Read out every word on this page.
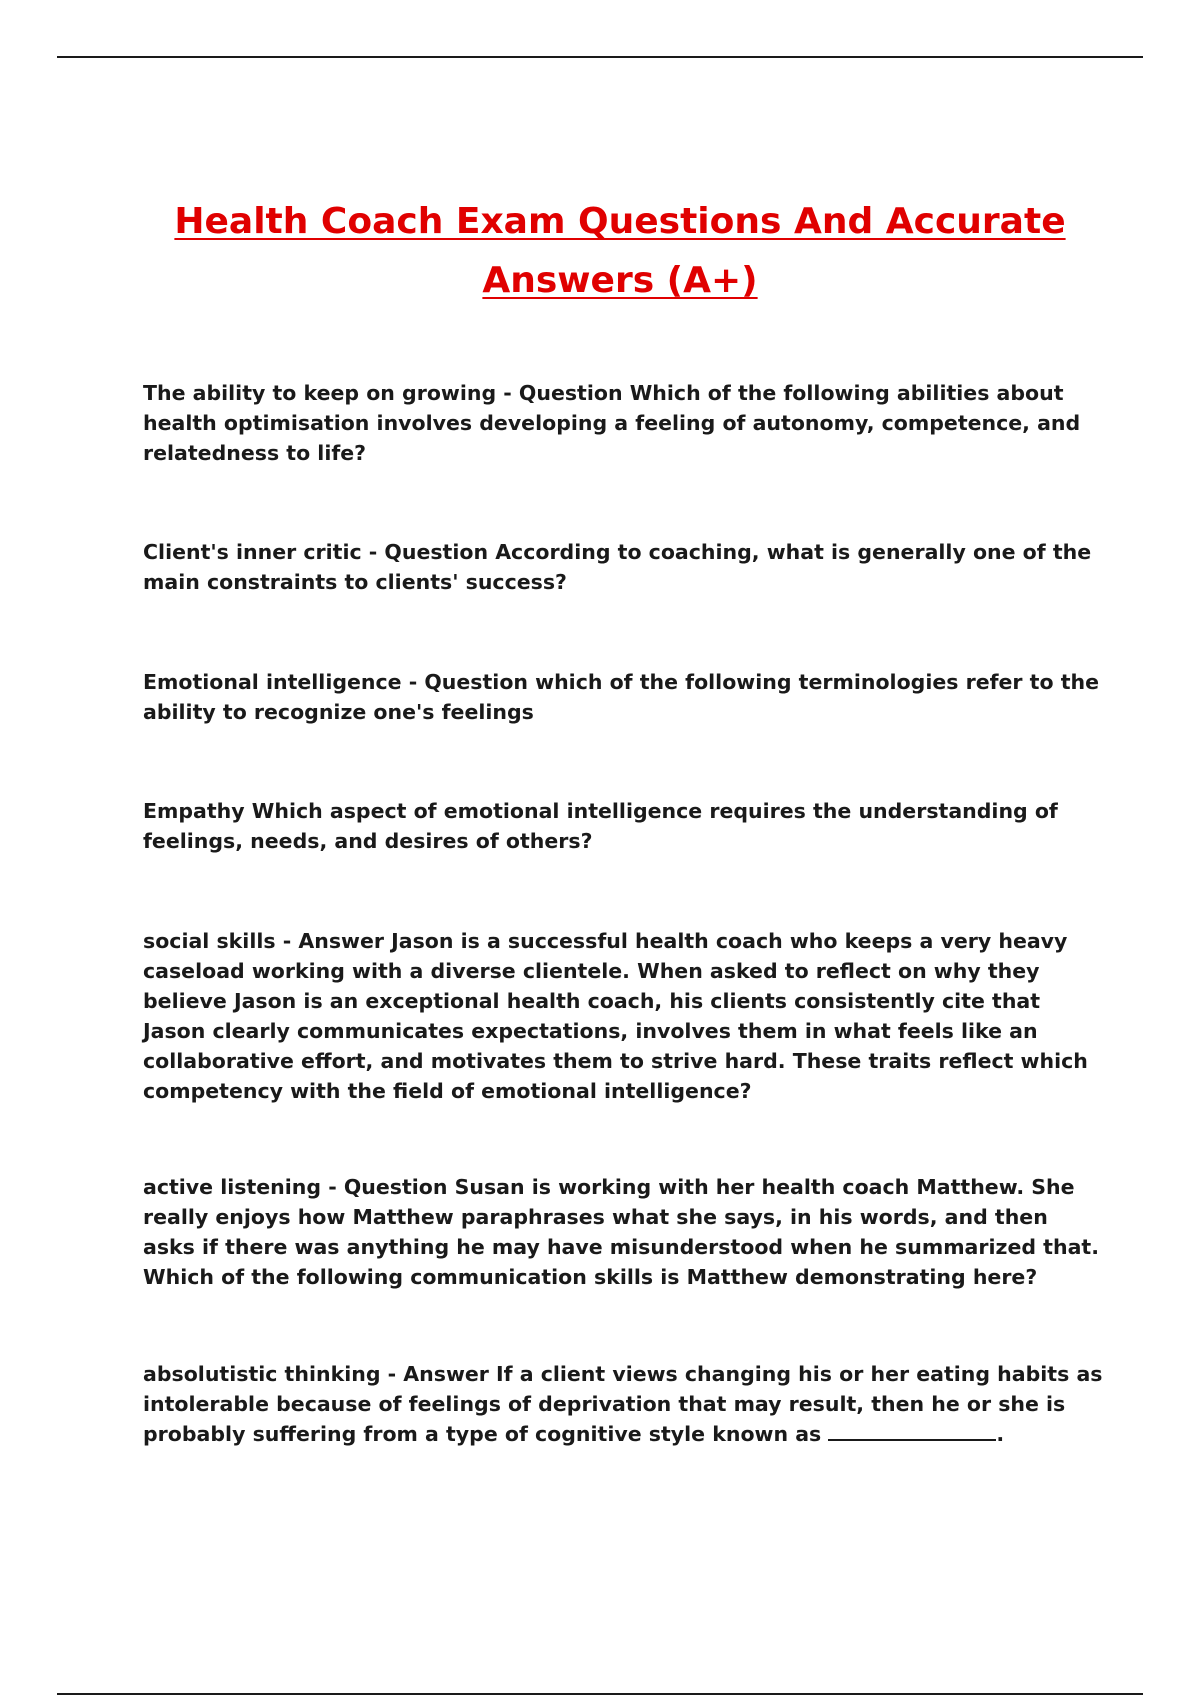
Health Coach Exam Questions And Accurate
Answers (A+)

The ability to keep on growing - Question Which of the following abilities about health optimisation involves developing a feeling of autonomy, competence, and relatedness to life?

Client's inner critic - Question According to coaching, what is generally one of the main constraints to clients' success?

Emotional intelligence - Question which of the following terminologies refer to the ability to recognize one's feelings

Empathy Which aspect of emotional intelligence requires the understanding of feelings, needs, and desires of others?

social skills - Answer Jason is a successful health coach who keeps a very heavy caseload working with a diverse clientele. When asked to reflect on why they believe Jason is an exceptional health coach, his clients consistently cite that Jason clearly communicates expectations, involves them in what feels like an collaborative effort, and motivates them to strive hard. These traits reflect which competency with the field of emotional intelligence?

active listening - Question Susan is working with her health coach Matthew. She really enjoys how Matthew paraphrases what she says, in his words, and then asks if there was anything he may have misunderstood when he summarized that. Which of the following communication skills is Matthew demonstrating here?

absolutistic thinking - Answer If a client views changing his or her eating habits as intolerable because of feelings of deprivation that may result, then he or she is probably suffering from a type of cognitive style known as	.
